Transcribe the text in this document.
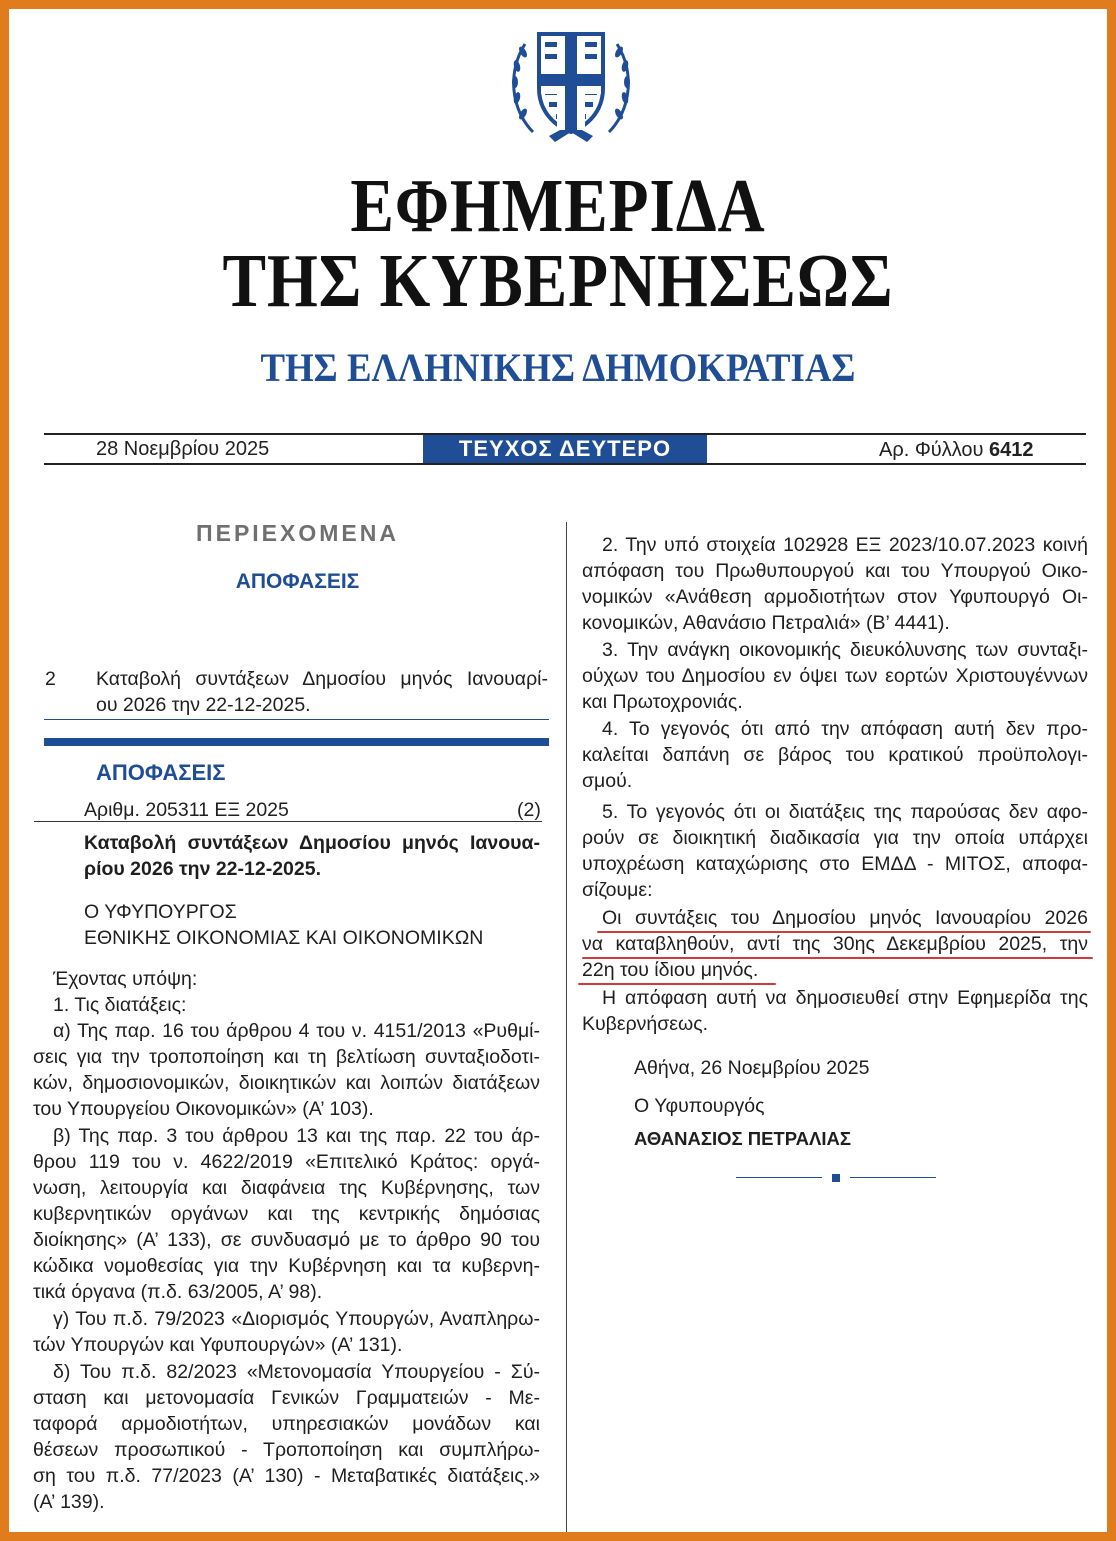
ΕΦΗΜΕΡΙΔΑ
ΤΗΣ ΚΥΒΕΡΝΗΣΕΩΣ
ΤΗΣ ΕΛΛΗΝΙΚΗΣ ΔΗΜΟΚΡΑΤΙΑΣ
28 Νοεμβρίου 2025	ΤΕΥΧΟΣ ΔΕΥΤΕΡΟ	Αρ. Φύλλου 6412
ΠΕΡΙΕΧΟΜΕΝΑ
ΑΠΟΦΑΣΕΙΣ
2 Καταβολή συντάξεων Δημοσίου μηνός Ιανουαρί-
ου 2026 την 22-12-2025.
ΑΠΟΦΑΣΕΙΣ
Αριθμ. 205311 ΕΞ 2025	(2)
Καταβολή συντάξεων Δημοσίου μηνός Ιανουα-
ρίου 2026 την 22-12-2025.
Ο ΥΦΥΠΟΥΡΓΟΣ
ΕΘΝΙΚΗΣ ΟΙΚΟΝΟΜΙΑΣ ΚΑΙ ΟΙΚΟΝΟΜΙΚΩΝ
Έχοντας υπόψη:
1. Τις διατάξεις:
α) Της παρ. 16 του άρθρου 4 του ν. 4151/2013 «Ρυθμί-
σεις για την τροποποίηση και τη βελτίωση συνταξιοδοτι-
κών, δημοσιονομικών, διοικητικών και λοιπών διατάξεων
του Υπουργείου Οικονομικών» (Α’ 103).
β) Της παρ. 3 του άρθρου 13 και της παρ. 22 του άρ-
θρου 119 του ν. 4622/2019 «Επιτελικό Κράτος: οργά-
νωση, λειτουργία και διαφάνεια της Κυβέρνησης, των
κυβερνητικών οργάνων και της κεντρικής δημόσιας
διοίκησης» (Α’ 133), σε συνδυασμό με το άρθρο 90 του
κώδικα νομοθεσίας για την Κυβέρνηση και τα κυβερνη-
τικά όργανα (π.δ. 63/2005, Α’ 98).
γ) Του π.δ. 79/2023 «Διορισμός Υπουργών, Αναπληρω-
τών Υπουργών και Υφυπουργών» (Α’ 131).
δ) Του π.δ. 82/2023 «Μετονομασία Υπουργείου - Σύ-
σταση και μετονομασία Γενικών Γραμματειών - Με-
ταφορά αρμοδιοτήτων, υπηρεσιακών μονάδων και
θέσεων προσωπικού - Τροποποίηση και συμπλήρω-
ση του π.δ. 77/2023 (Α’ 130) - Μεταβατικές διατάξεις.»
(Α’ 139).
2. Την υπό στοιχεία 102928 ΕΞ 2023/10.07.2023 κοινή
απόφαση του Πρωθυπουργού και του Υπουργού Οικο-
νομικών «Ανάθεση αρμοδιοτήτων στον Υφυπουργό Οι-
κονομικών, Αθανάσιο Πετραλιά» (Β’ 4441).
3. Την ανάγκη οικονομικής διευκόλυνσης των συνταξι-
ούχων του Δημοσίου εν όψει των εορτών Χριστουγέννων
και Πρωτοχρονιάς.
4. Το γεγονός ότι από την απόφαση αυτή δεν προ-
καλείται δαπάνη σε βάρος του κρατικού προϋπολογι-
σμού.
5. Το γεγονός ότι οι διατάξεις της παρούσας δεν αφο-
ρούν σε διοικητική διαδικασία για την οποία υπάρχει
υποχρέωση καταχώρισης στο ΕΜΔΔ - ΜΙΤΟΣ, αποφα-
σίζουμε:
Οι συντάξεις του Δημοσίου μηνός Ιανουαρίου 2026
να καταβληθούν, αντί της 30ης Δεκεμβρίου 2025, την
22η του ίδιου μηνός.
Η απόφαση αυτή να δημοσιευθεί στην Εφημερίδα της
Κυβερνήσεως.
Αθήνα, 26 Νοεμβρίου 2025
Ο Υφυπουργός
ΑΘΑΝΑΣΙΟΣ ΠΕΤΡΑΛΙΑΣ
